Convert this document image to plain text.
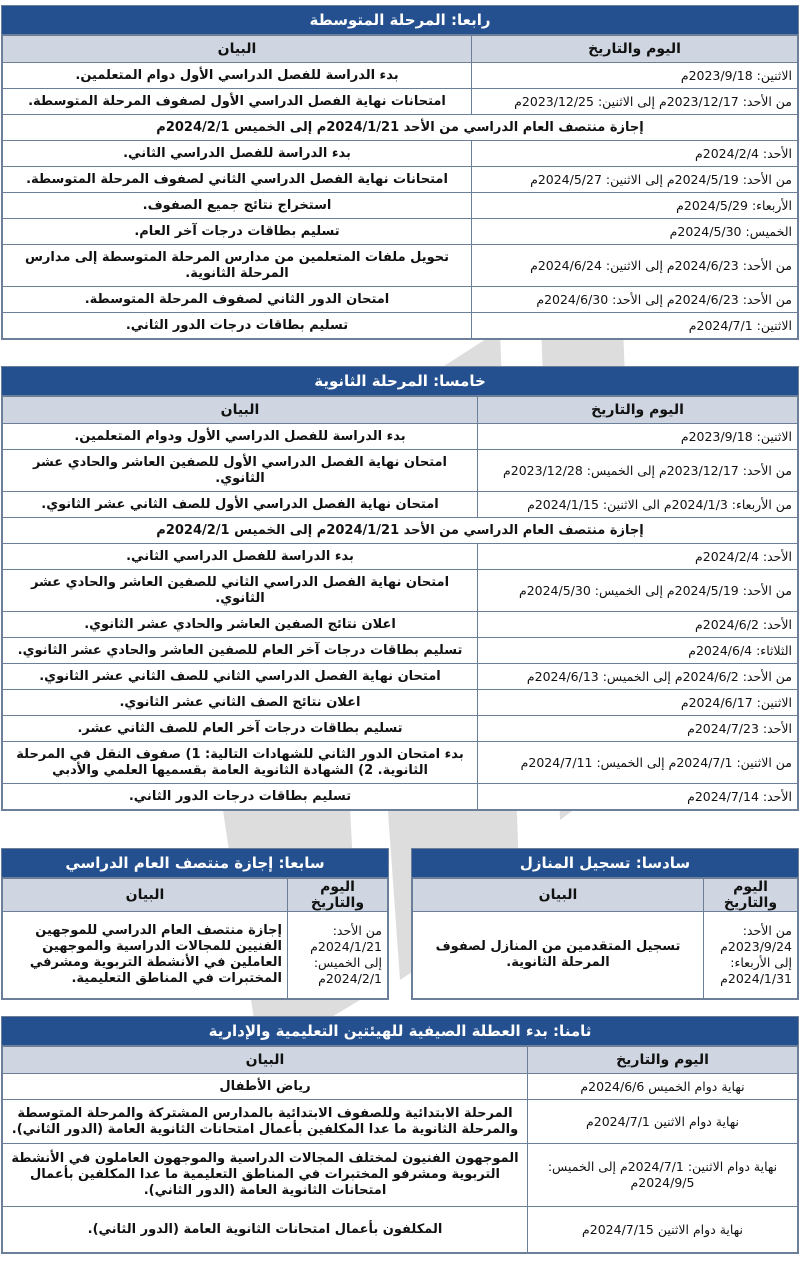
رابعا: المرحلة المتوسطة
اليوم والتاريخ	البيان
الاثنين: 2023/9/18م	بدء الدراسة للفصل الدراسي الأول دوام المتعلمين.
من الأحد: 2023/12/17م إلى الاثنين: 2023/12/25م	امتحانات نهاية الفصل الدراسي الأول لصفوف المرحلة المتوسطة.
إجازة منتصف العام الدراسي من الأحد 2024/1/21م إلى الخميس 2024/2/1م	
الأحد: 2024/2/4م	بدء الدراسة للفصل الدراسي الثاني.
من الأحد: 2024/5/19م إلى الاثنين: 2024/5/27م	امتحانات نهاية الفصل الدراسي الثاني لصفوف المرحلة المتوسطة.
الأربعاء: 2024/5/29م	استخراج نتائج جميع الصفوف.
الخميس: 2024/5/30م	تسليم بطاقات درجات آخر العام.
من الأحد: 2024/6/23م إلى الاثنين: 2024/6/24م	تحويل ملفات المتعلمين من مدارس المرحلة المتوسطة إلى مدارس المرحلة الثانوية.
من الأحد: 2024/6/23م إلى الأحد: 2024/6/30م	امتحان الدور الثاني لصفوف المرحلة المتوسطة.
الاثنين: 2024/7/1م	تسليم بطاقات درجات الدور الثاني.
خامسا: المرحلة الثانوية
اليوم والتاريخ	البيان
الاثنين: 2023/9/18م	بدء الدراسة للفصل الدراسي الأول ودوام المتعلمين.
من الأحد: 2023/12/17م إلى الخميس: 2023/12/28م	امتحان نهاية الفصل الدراسي الأول للصفين العاشر والحادي عشر الثانوي.
من الأربعاء: 2024/1/3م الى الاثنين: 2024/1/15م	امتحان نهاية الفصل الدراسي الأول للصف الثاني عشر الثانوي.
إجازة منتصف العام الدراسي من الأحد 2024/1/21م إلى الخميس 2024/2/1م	
الأحد: 2024/2/4م	بدء الدراسة للفصل الدراسي الثاني.
من الأحد: 2024/5/19م إلى الخميس: 2024/5/30م	امتحان نهاية الفصل الدراسي الثاني للصفين العاشر والحادي عشر الثانوي.
الأحد: 2024/6/2م	اعلان نتائج الصفين العاشر والحادي عشر الثانوي.
الثلاثاء: 2024/6/4م	تسليم بطاقات درجات آخر العام للصفين العاشر والحادي عشر الثانوي.
من الأحد: 2024/6/2م إلى الخميس: 2024/6/13م	امتحان نهاية الفصل الدراسي الثاني للصف الثاني عشر الثانوي.
الاثنين: 2024/6/17م	اعلان نتائج الصف الثاني عشر الثانوي.
الأحد: 2024/7/23م	تسليم بطاقات درجات آخر العام للصف الثاني عشر.
من الاثنين: 2024/7/1م إلى الخميس: 2024/7/11م	بدء امتحان الدور الثاني للشهادات التالية: 1) صفوف النقل في المرحلة الثانوية. 2) الشهادة الثانوية العامة بقسميها العلمي والأدبي
الأحد: 2024/7/14م	تسليم بطاقات درجات الدور الثاني.
سادسا: تسجيل المنازل
اليوم والتاريخ	البيان
من الأحد: 2023/9/24م إلى الأربعاء: 2024/1/31م	تسجيل المتقدمين من المنازل لصفوف المرحلة الثانوية.
سابعا: إجازة منتصف العام الدراسي
اليوم والتاريخ	البيان
من الأحد: 2024/1/21م إلى الخميس: 2024/2/1م	إجازة منتصف العام الدراسي للموجهين الفنيين للمجالات الدراسية والموجهين العاملين في الأنشطة التربوية ومشرفي المختبرات في المناطق التعليمية.
ثامنا: بدء العطلة الصيفية للهيئتين التعليمية والإدارية
اليوم والتاريخ	البيان
نهاية دوام الخميس 2024/6/6م	رياض الأطفال
نهاية دوام الاثنين 2024/7/1م	المرحلة الابتدائية وللصفوف الابتدائية بالمدارس المشتركة والمرحلة المتوسطة والمرحلة الثانوية ما عدا المكلفين بأعمال امتحانات الثانوية العامة (الدور الثاني).
نهاية دوام الاثنين: 2024/7/1م إلى الخميس: 2024/9/5م	الموجهون الفنيون لمختلف المجالات الدراسية والموجهون العاملون في الأنشطة التربوية ومشرفو المختبرات في المناطق التعليمية ما عدا المكلفين بأعمال امتحانات الثانوية العامة (الدور الثاني).
نهاية دوام الاثنين 2024/7/15م	المكلفون بأعمال امتحانات الثانوية العامة (الدور الثاني).
